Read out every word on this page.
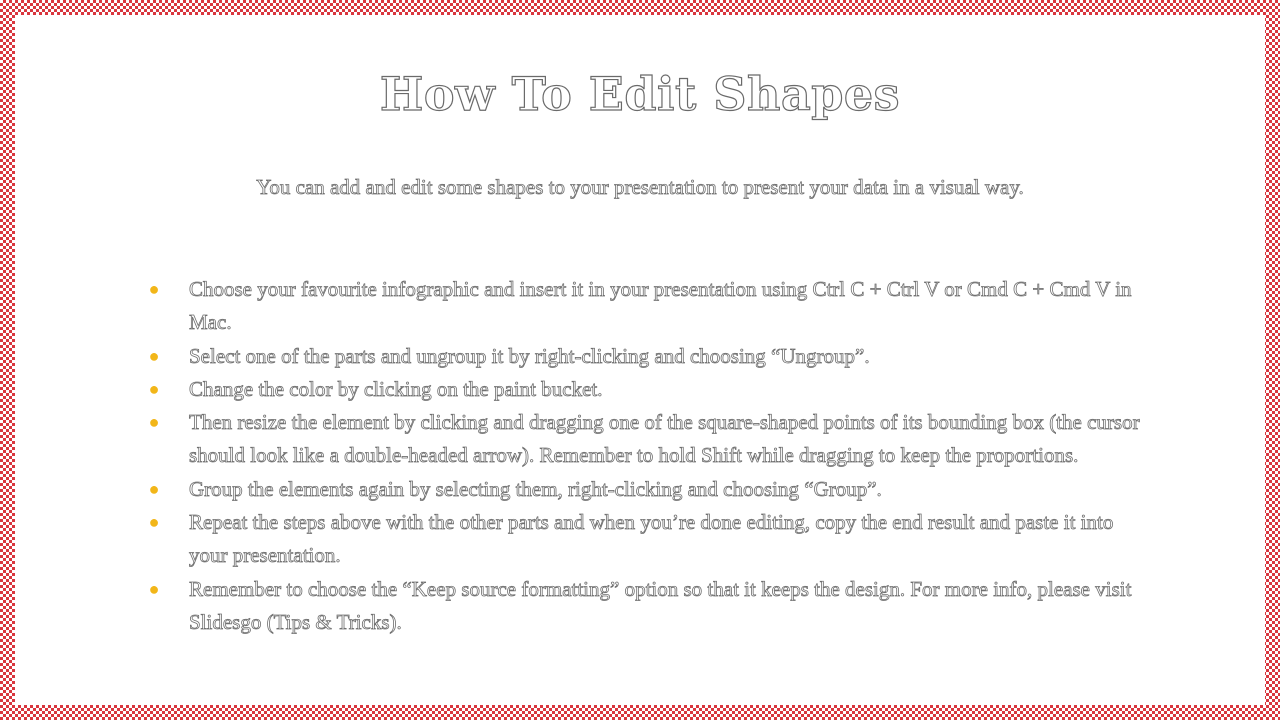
How To Edit Shapes

You can add and edit some shapes to your presentation to present your data in a visual way.

● Choose your favourite infographic and insert it in your presentation using Ctrl C + Ctrl V or Cmd C + Cmd V in Mac.
● Select one of the parts and ungroup it by right-clicking and choosing “Ungroup”.
● Change the color by clicking on the paint bucket.
● Then resize the element by clicking and dragging one of the square-shaped points of its bounding box (the cursor should look like a double-headed arrow). Remember to hold Shift while dragging to keep the proportions.
● Group the elements again by selecting them, right-clicking and choosing “Group”.
● Repeat the steps above with the other parts and when you’re done editing, copy the end result and paste it into your presentation.
● Remember to choose the “Keep source formatting” option so that it keeps the design. For more info, please visit Slidesgo (Tips & Tricks).
